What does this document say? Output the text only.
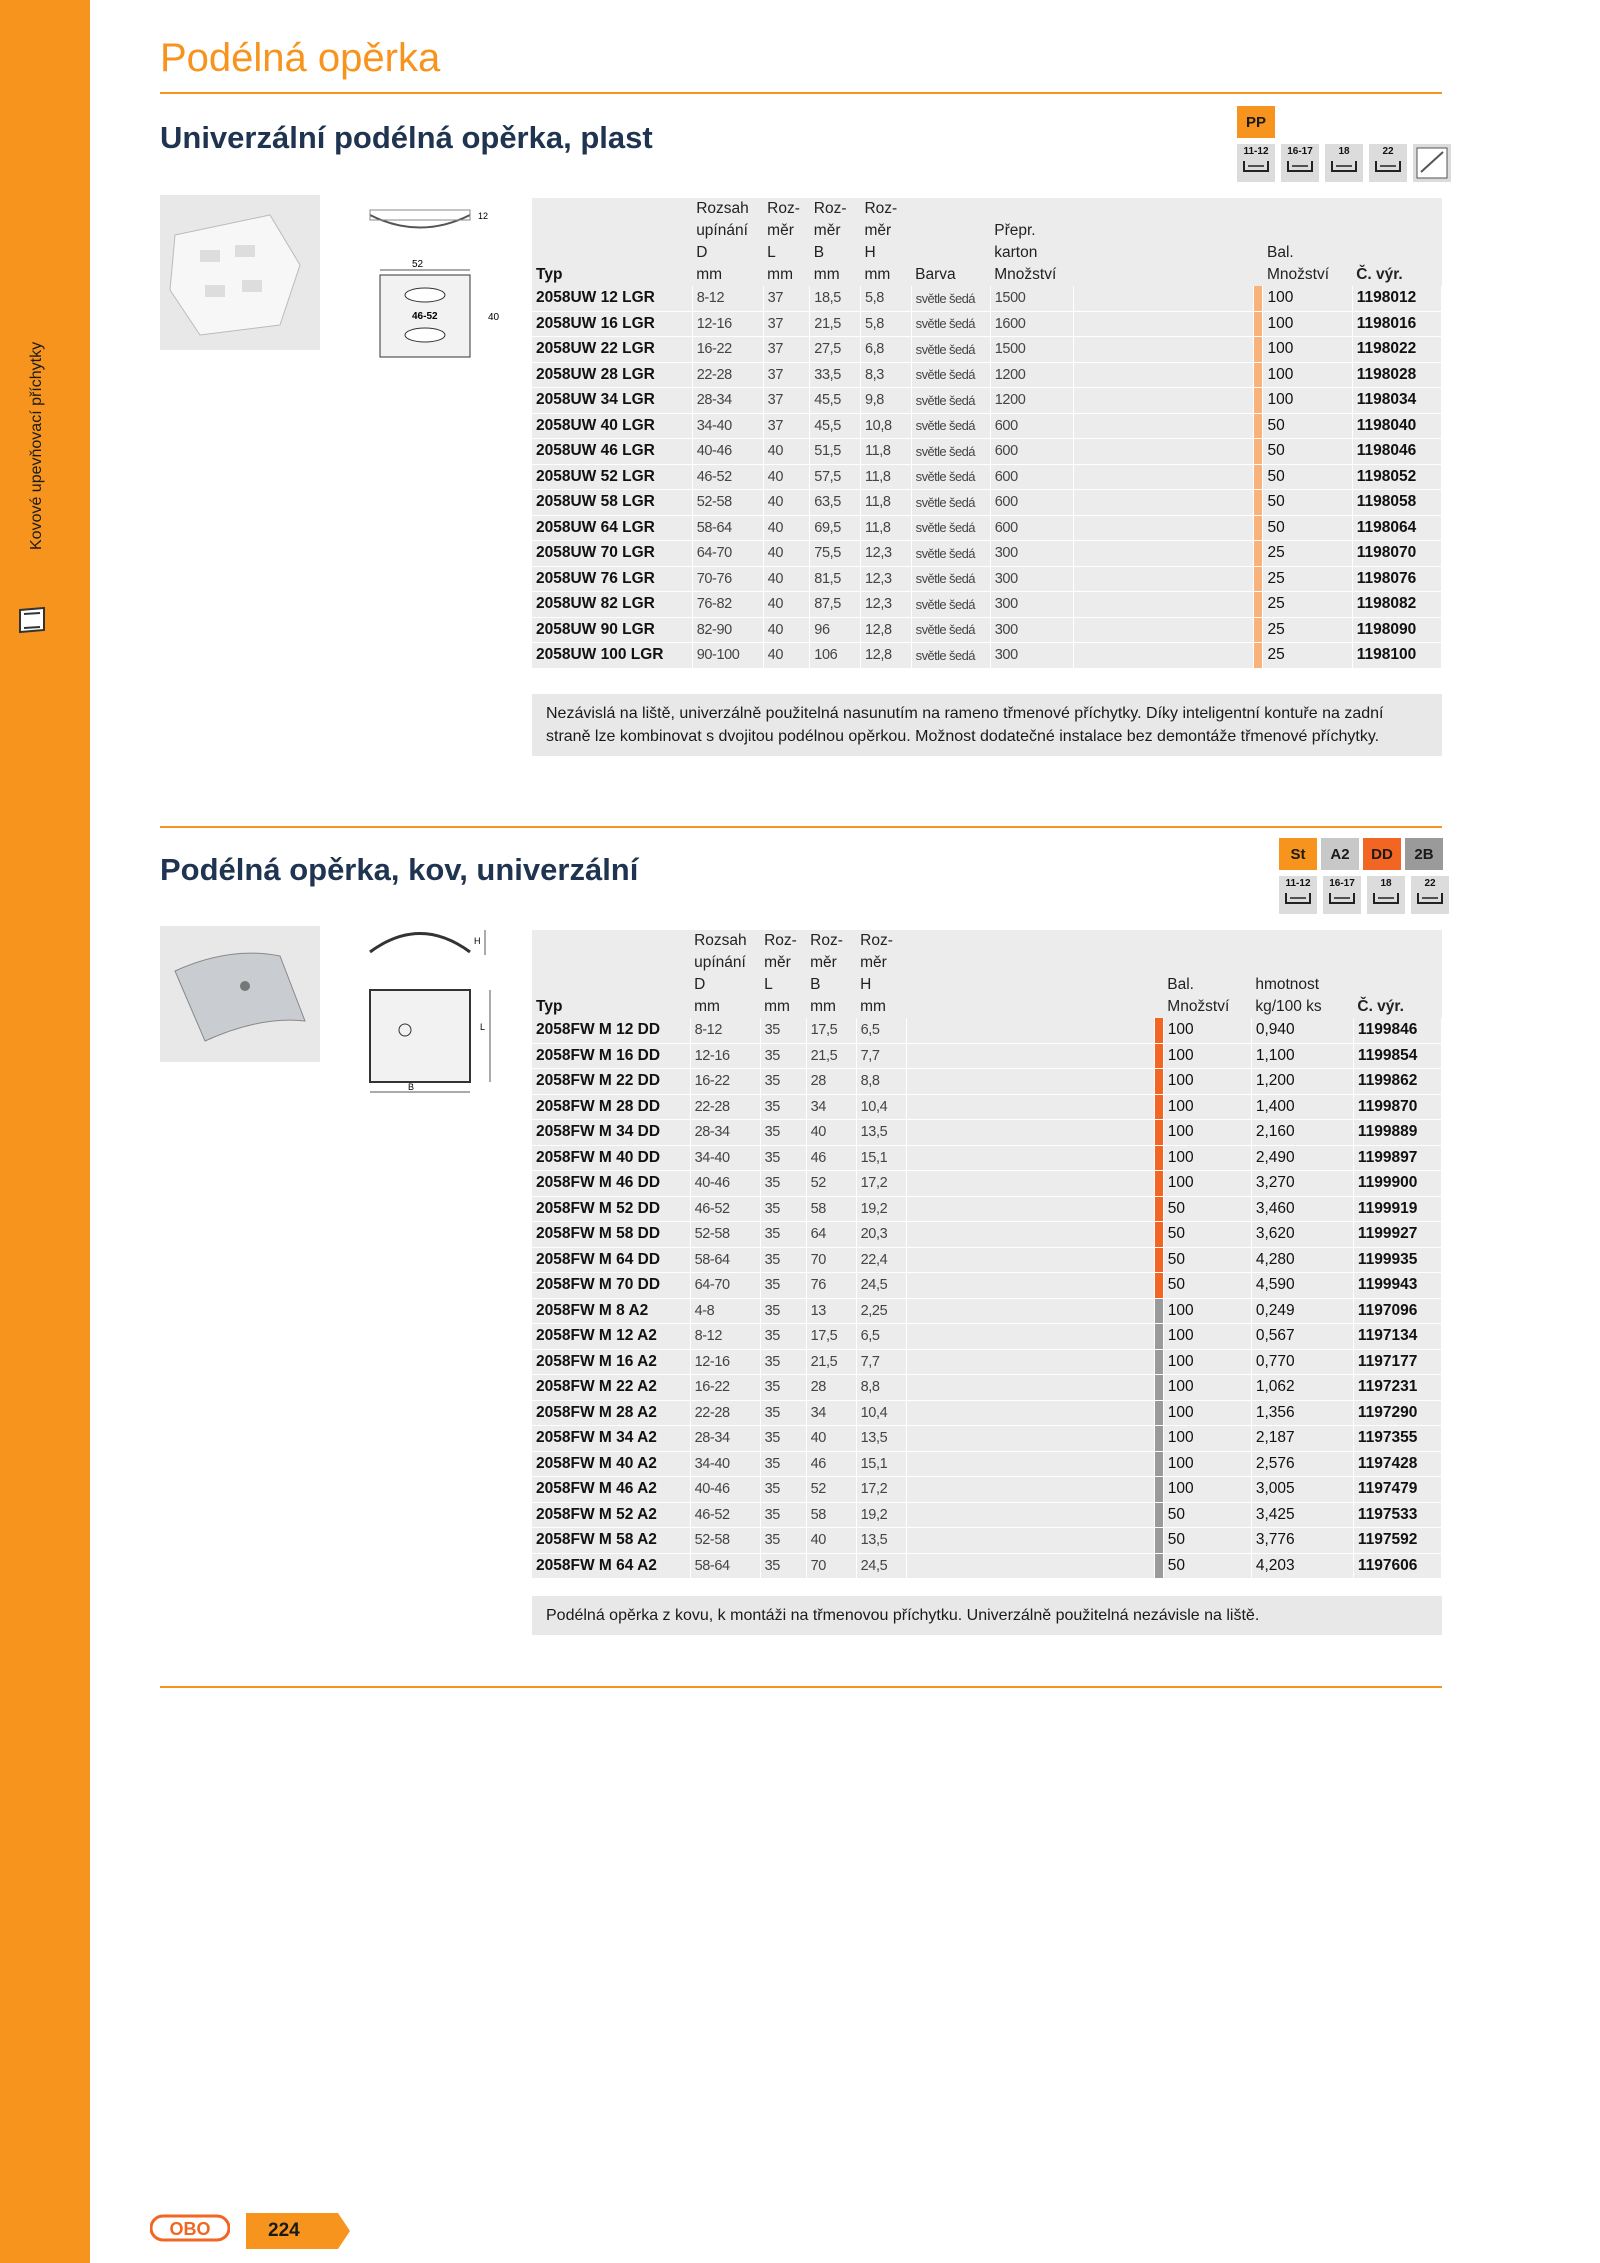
Kovové upevňovací příchytky
Podélná opěrka
Univerzální podélná opěrka, plast	PP
11-12 16-17	18	22
12
52
46-52	40
Typ	Rozsah
upínání
D
mm	Roz-
měr
L
mm	Roz-
měr
B
mm	Roz-
měr
H
mm	Barva	Přepr.
karton
Množství			Bal.
Množství	Č. výr.
2058UW 12 LGR	8-12	37	18,5	5,8	světle šedá	1500			100	1198012
2058UW 16 LGR	12-16	37	21,5	5,8	světle šedá	1600			100	1198016
2058UW 22 LGR	16-22	37	27,5	6,8	světle šedá	1500			100	1198022
2058UW 28 LGR	22-28	37	33,5	8,3	světle šedá	1200			100	1198028
2058UW 34 LGR	28-34	37	45,5	9,8	světle šedá	1200			100	1198034
2058UW 40 LGR	34-40	37	45,5	10,8	světle šedá	600			50	1198040
2058UW 46 LGR	40-46	40	51,5	11,8	světle šedá	600			50	1198046
2058UW 52 LGR	46-52	40	57,5	11,8	světle šedá	600			50	1198052
2058UW 58 LGR	52-58	40	63,5	11,8	světle šedá	600			50	1198058
2058UW 64 LGR	58-64	40	69,5	11,8	světle šedá	600			50	1198064
2058UW 70 LGR	64-70	40	75,5	12,3	světle šedá	300			25	1198070
2058UW 76 LGR	70-76	40	81,5	12,3	světle šedá	300			25	1198076
2058UW 82 LGR	76-82	40	87,5	12,3	světle šedá	300			25	1198082
2058UW 90 LGR	82-90	40	96	12,8	světle šedá	300			25	1198090
2058UW 100 LGR	90-100	40	106	12,8	světle šedá	300			25	1198100
Nezávislá na liště, univerzálně použitelná nasunutím na rameno třmenové příchytky. Díky inteligentní kontuře na zadní straně lze kombinovat s dvojitou podélnou opěrkou. Možnost dodatečné instalace bez demontáže třmenové příchytky.
Podélná opěrka, kov, univerzální	St	A2	DD	2B
11-12 16-17	18	22
H
L
B
Typ	Rozsah
upínání
D
mm	Roz-
měr
L
mm	Roz-
měr
B
mm	Roz-
měr
H
mm			Bal.
Množství	hmotnost
kg/100 ks	Č. výr.
2058FW M 12 DD	8-12	35	17,5	6,5			100	0,940	1199846
2058FW M 16 DD	12-16	35	21,5	7,7			100	1,100	1199854
2058FW M 22 DD	16-22	35	28	8,8			100	1,200	1199862
2058FW M 28 DD	22-28	35	34	10,4			100	1,400	1199870
2058FW M 34 DD	28-34	35	40	13,5			100	2,160	1199889
2058FW M 40 DD	34-40	35	46	15,1			100	2,490	1199897
2058FW M 46 DD	40-46	35	52	17,2			100	3,270	1199900
2058FW M 52 DD	46-52	35	58	19,2			50	3,460	1199919
2058FW M 58 DD	52-58	35	64	20,3			50	3,620	1199927
2058FW M 64 DD	58-64	35	70	22,4			50	4,280	1199935
2058FW M 70 DD	64-70	35	76	24,5			50	4,590	1199943
2058FW M 8 A2	4-8	35	13	2,25			100	0,249	1197096
2058FW M 12 A2	8-12	35	17,5	6,5			100	0,567	1197134
2058FW M 16 A2	12-16	35	21,5	7,7			100	0,770	1197177
2058FW M 22 A2	16-22	35	28	8,8			100	1,062	1197231
2058FW M 28 A2	22-28	35	34	10,4			100	1,356	1197290
2058FW M 34 A2	28-34	35	40	13,5			100	2,187	1197355
2058FW M 40 A2	34-40	35	46	15,1			100	2,576	1197428
2058FW M 46 A2	40-46	35	52	17,2			100	3,005	1197479
2058FW M 52 A2	46-52	35	58	19,2			50	3,425	1197533
2058FW M 58 A2	52-58	35	40	13,5			50	3,776	1197592
2058FW M 64 A2	58-64	35	70	24,5			50	4,203	1197606
Podélná opěrka z kovu, k montáži na třmenovou příchytku. Univerzálně použitelná nezávisle na liště.
OBO	224
